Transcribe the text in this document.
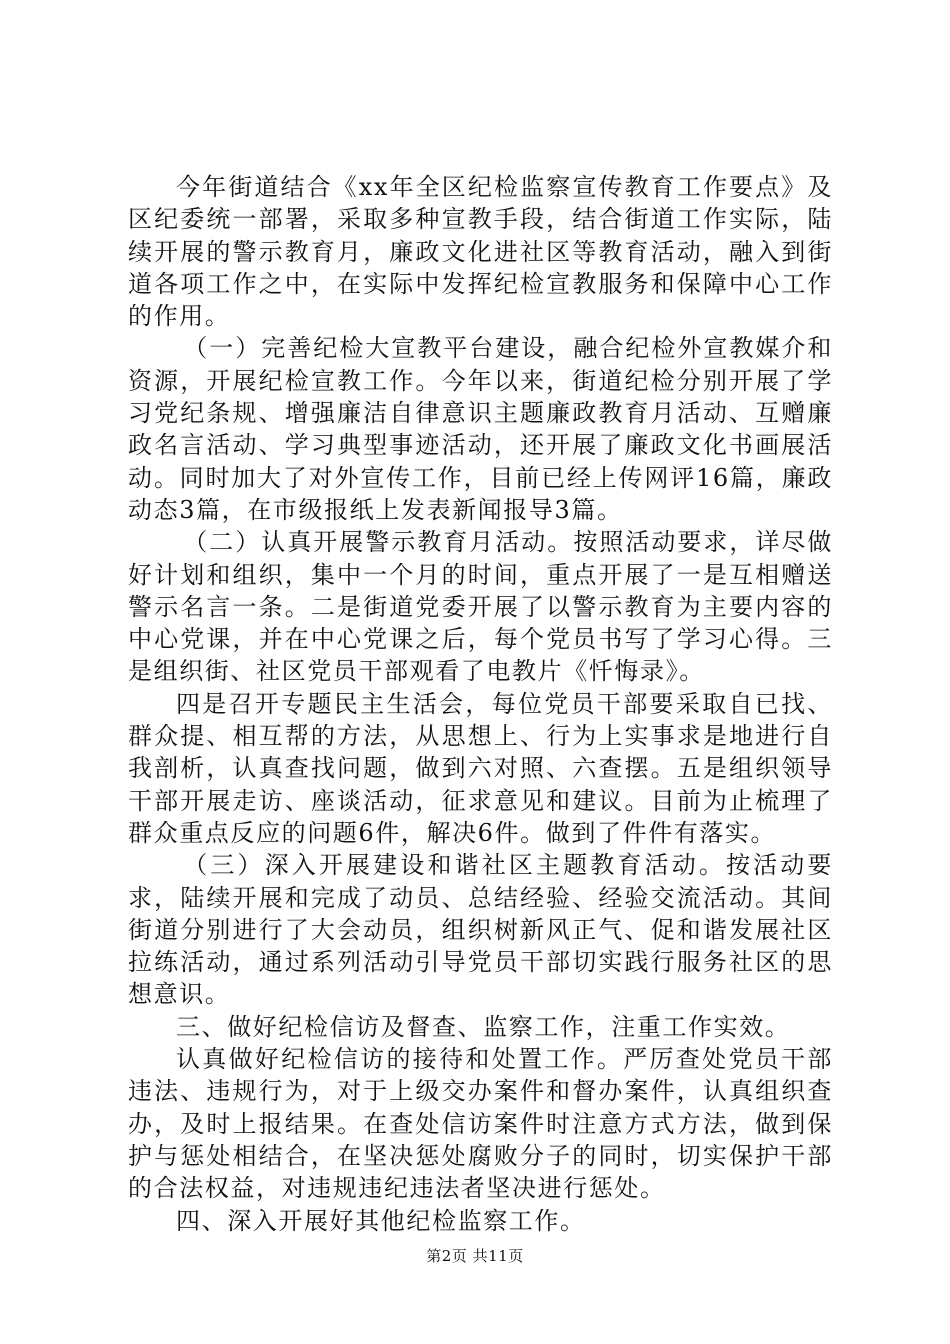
今年街道结合《xx年全区纪检监察宣传教育工作要点》及区纪委统一部署，采取多种宣教手段，结合街道工作实际，陆续开展的警示教育月，廉政文化进社区等教育活动，融入到街道各项工作之中，在实际中发挥纪检宣教服务和保障中心工作的作用。

（一）完善纪检大宣教平台建设，融合纪检外宣教媒介和资源，开展纪检宣教工作。今年以来，街道纪检分别开展了学习党纪条规、增强廉洁自律意识主题廉政教育月活动、互赠廉政名言活动、学习典型事迹活动，还开展了廉政文化书画展活动。同时加大了对外宣传工作，目前已经上传网评16篇，廉政动态3篇，在市级报纸上发表新闻报导3篇。

（二）认真开展警示教育月活动。按照活动要求，详尽做好计划和组织，集中一个月的时间，重点开展了一是互相赠送警示名言一条。二是街道党委开展了以警示教育为主要内容的中心党课，并在中心党课之后，每个党员书写了学习心得。三是组织街、社区党员干部观看了电教片《忏悔录》。

四是召开专题民主生活会，每位党员干部要采取自已找、群众提、相互帮的方法，从思想上、行为上实事求是地进行自我剖析，认真查找问题，做到六对照、六查摆。五是组织领导干部开展走访、座谈活动，征求意见和建议。目前为止梳理了群众重点反应的问题6件，解决6件。做到了件件有落实。

（三）深入开展建设和谐社区主题教育活动。按活动要求，陆续开展和完成了动员、总结经验、经验交流活动。其间街道分别进行了大会动员，组织树新风正气、促和谐发展社区拉练活动，通过系列活动引导党员干部切实践行服务社区的思想意识。

三、做好纪检信访及督查、监察工作，注重工作实效。

认真做好纪检信访的接待和处置工作。严厉查处党员干部违法、违规行为，对于上级交办案件和督办案件，认真组织查办，及时上报结果。在查处信访案件时注意方式方法，做到保护与惩处相结合，在坚决惩处腐败分子的同时，切实保护干部的合法权益，对违规违纪违法者坚决进行惩处。

四、深入开展好其他纪检监察工作。

第2页 共11页
